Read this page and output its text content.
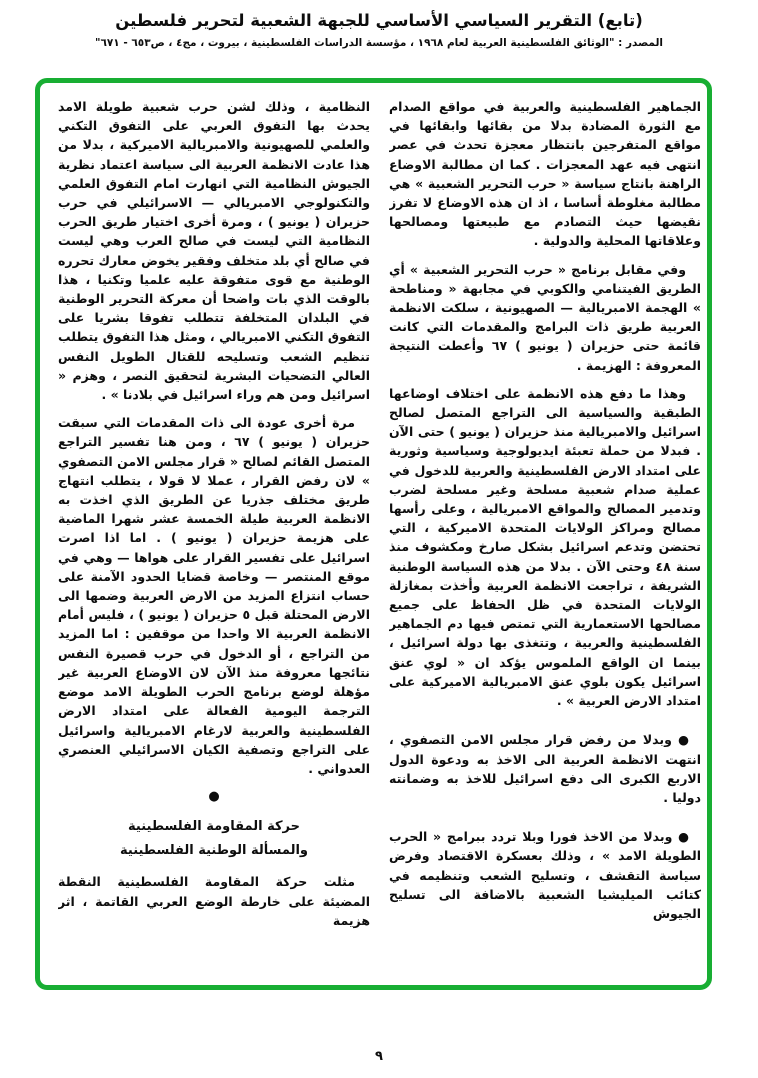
(تابع) التقرير السياسي الأساسي للجبهة الشعبية لتحرير فلسطين
المصدر : "الوثائق الفلسطينية العربية لعام ١٩٦٨ ، مؤسسة الدراسات الفلسطينية ، بيروت ، مج٤ ، ص٦٥٣ - ٦٧١"

الجماهير الفلسطينية والعربية في مواقع الصدام مع الثورة المضادة بدلا من بقائها وابقائها في مواقع المتفرجين بانتظار معجزة تحدث في عصر انتهى فيه عهد المعجزات . كما ان مطالبة الاوضاع الراهنة بانتاج سياسة « حرب التحرير الشعبية » هي مطالبة مغلوطة أساسا ، اذ ان هذه الاوضاع لا تفرز نقيضها حيث التصادم مع طبيعتها ومصالحها وعلاقاتها المحلية والدولية .

وفي مقابل برنامج « حرب التحرير الشعبية » أي الطريق الفيتنامي والكوبي في مجابهة « ومناطحة » الهجمة الامبريالية — الصهيونية ، سلكت الانظمة العربية طريق ذات البرامج والمقدمات التي كانت قائمة حتى حزيران ( يونيو ) ٦٧ وأعطت النتيجة المعروفة : الهزيمة .

وهذا ما دفع هذه الانظمة على اختلاف اوضاعها الطبقية والسياسية الى التراجع المتصل لصالح اسرائيل والامبريالية منذ حزيران ( يونيو ) حتى الآن . فبدلا من حملة تعبئة ايديولوجية وسياسية وثورية على امتداد الارض الفلسطينية والعربية للدخول في عملية صدام شعبية مسلحة وغير مسلحة لضرب وتدمير المصالح والمواقع الامبريالية ، وعلى رأسها مصالح ومراكز الولايات المتحدة الاميركية ، التي تحتضن وتدعم اسرائيل بشكل صارخ ومكشوف منذ سنة ٤٨ وحتى الآن . بدلا من هذه السياسة الوطنية الشريفة ، تراجعت الانظمة العربية وأخذت بمغازلة الولايات المتحدة في ظل الحفاظ على جميع مصالحها الاستعمارية التي تمتص فيها دم الجماهير الفلسطينية والعربية ، وتتغذى بها دولة اسرائيل ، بينما ان الواقع الملموس يؤكد ان « لوي عنق اسرائيل يكون بلوي عنق الامبريالية الاميركية على امتداد الارض العربية » .

● وبدلا من رفض قرار مجلس الامن التصفوي ، انتهت الانظمة العربية الى الاخذ به ودعوة الدول الاربع الكبرى الى دفع اسرائيل للاخذ به وضمانته دوليا .

● وبدلا من الاخذ فورا وبلا تردد ببرامج « الحرب الطويلة الامد » ، وذلك بعسكرة الاقتصاد وفرض سياسة التقشف ، وتسليح الشعب وتنظيمه في كتائب الميليشيا الشعبية بالاضافة الى تسليح الجيوش

النظامية ، وذلك لشن حرب شعبية طويلة الامد يحدث بها التفوق العربي على التفوق التكني والعلمي للصهيونية والامبريالية الاميركية ، بدلا من هذا عادت الانظمة العربية الى سياسة اعتماد نظرية الجيوش النظامية التي انهارت امام التفوق العلمي والتكنولوجي الامبريالي — الاسرائيلي في حرب حزيران ( يونيو ) ، ومرة أخرى اختيار طريق الحرب النظامية التي ليست في صالح العرب وهي ليست في صالح أي بلد متخلف وفقير يخوض معارك تحرره الوطنية مع قوى متفوقة عليه علميا وتكنيا ، هذا بالوقت الذي بات واضحا أن معركة التحرير الوطنية في البلدان المتخلفة تتطلب تفوقا بشريا على التفوق التكني الامبريالي ، ومثل هذا التفوق يتطلب تنظيم الشعب وتسليحه للقتال الطويل النفس العالي التضحيات البشرية لتحقيق النصر ، وهزم « اسرائيل ومن هم وراء اسرائيل في بلادنا » .

مرة أخرى عودة الى ذات المقدمات التي سبقت حزيران ( يونيو ) ٦٧ ، ومن هنا تفسير التراجع المتصل القائم لصالح « قرار مجلس الامن التصفوي » لان رفض القرار ، عملا لا قولا ، يتطلب انتهاج طريق مختلف جذريا عن الطريق الذي اخذت به الانظمة العربية طيلة الخمسة عشر شهرا الماضية على هزيمة حزيران ( يونيو ) . اما اذا اصرت اسرائيل على تفسير القرار على هواها — وهي في موقع المنتصر — وخاصة قضايا الحدود الآمنة على حساب انتزاع المزيد من الارض العربية وضمها الى الارض المحتلة قبل ٥ حزيران ( يونيو ) ، فليس أمام الانظمة العربية الا واحدا من موقفين : اما المزيد من التراجع ، أو الدخول في حرب قصيرة النفس نتائجها معروفة منذ الآن لان الاوضاع العربية غير مؤهلة لوضع برنامج الحرب الطويلة الامد موضع الترجمة اليومية الفعالة على امتداد الارض الفلسطينية والعربية لارغام الامبريالية واسرائيل على التراجع وتصفية الكيان الاسرائيلي العنصري العدواني .

●

حركة المقاومة الفلسطينية
والمسألة الوطنية الفلسطينية

مثلت حركة المقاومة الفلسطينية النقطة المضيئة على خارطة الوضع العربي القاتمة ، اثر هزيمة

٩
